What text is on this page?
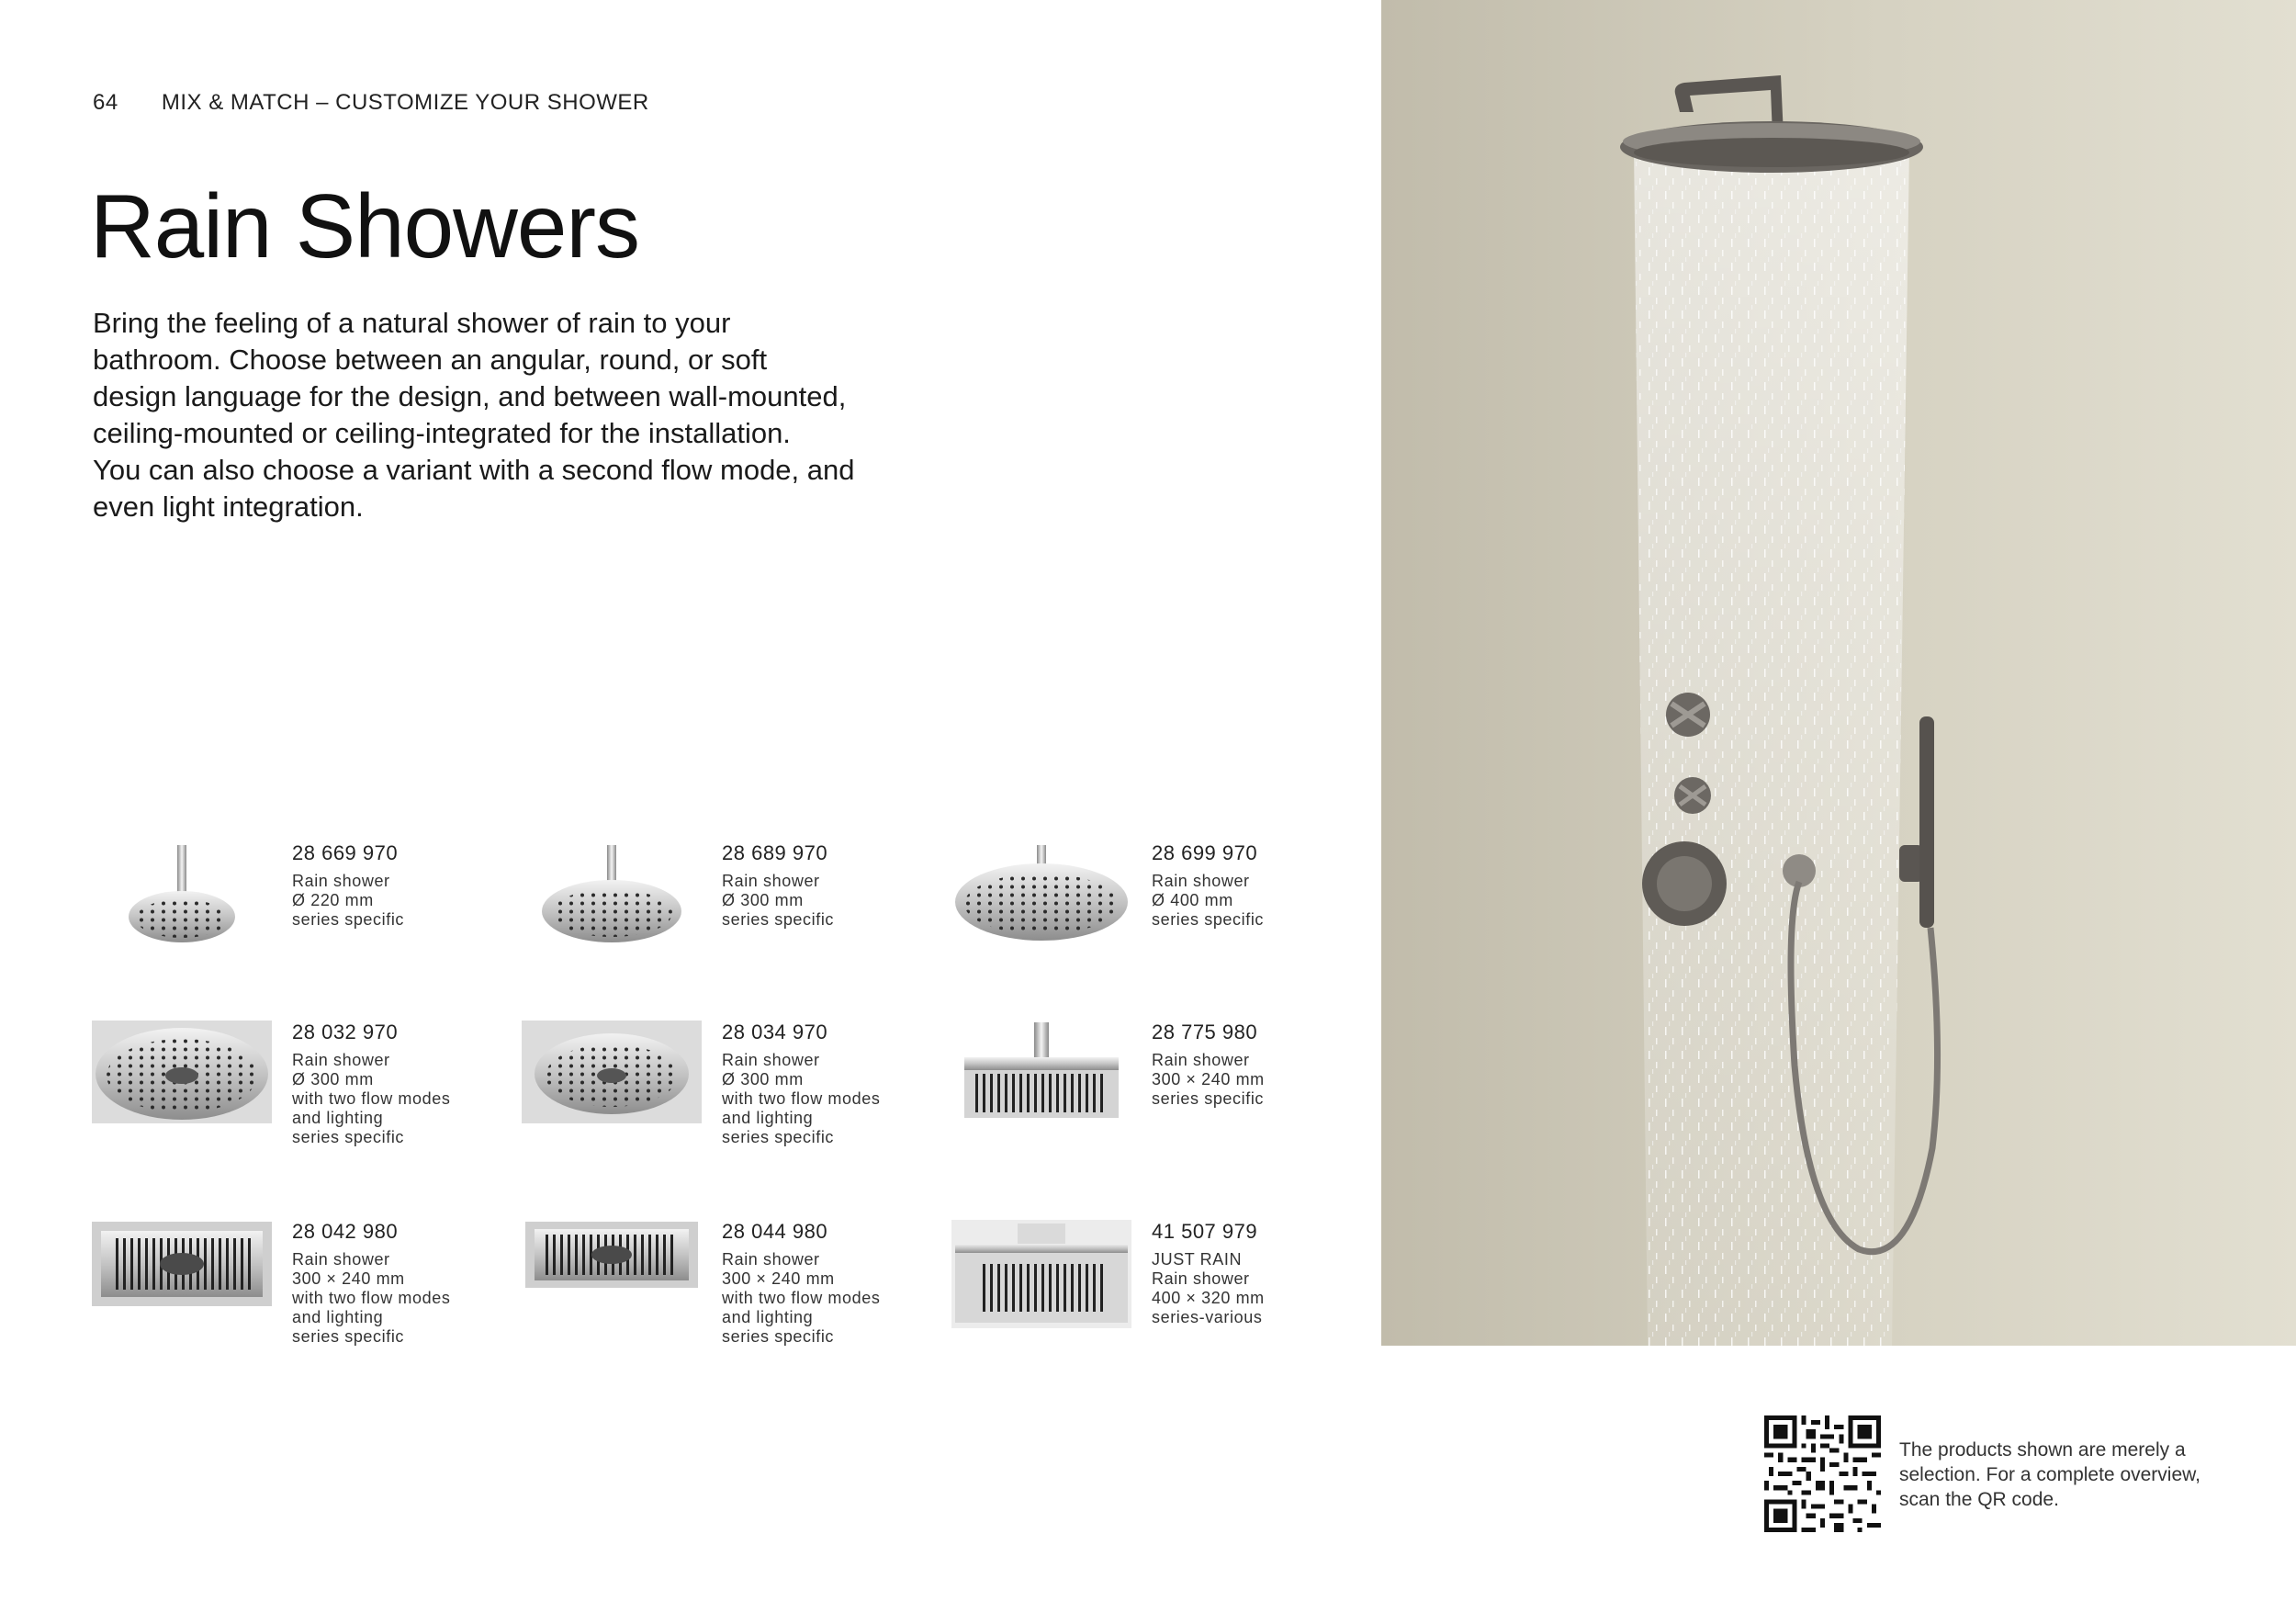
64 MIX & MATCH – CUSTOMIZE YOUR SHOWER
Rain Showers

Bring the feeling of a natural shower of rain to your
bathroom. Choose between an angular, round, or soft
design language for the design, and between wall-mounted,
ceiling-mounted or ceiling-integrated for the installation.
You can also choose a variant with a second flow mode, and
even light integration.

28 669 970
Rain shower
Ø 220 mm
series specific
28 689 970
Rain shower
Ø 300 mm
series specific
28 699 970
Rain shower
Ø 400 mm
series specific
28 032 970
Rain shower
Ø 300 mm
with two flow modes
and lighting
series specific
28 034 970
Rain shower
Ø 300 mm
with two flow modes
and lighting
series specific
28 775 980
Rain shower
300 × 240 mm
series specific
28 042 980
Rain shower
300 × 240 mm
with two flow modes
and lighting
series specific
28 044 980
Rain shower
300 × 240 mm
with two flow modes
and lighting
series specific
41 507 979
JUST RAIN
Rain shower
400 × 320 mm
series-various

The products shown are merely a selection. For a complete overview, scan the QR code.
